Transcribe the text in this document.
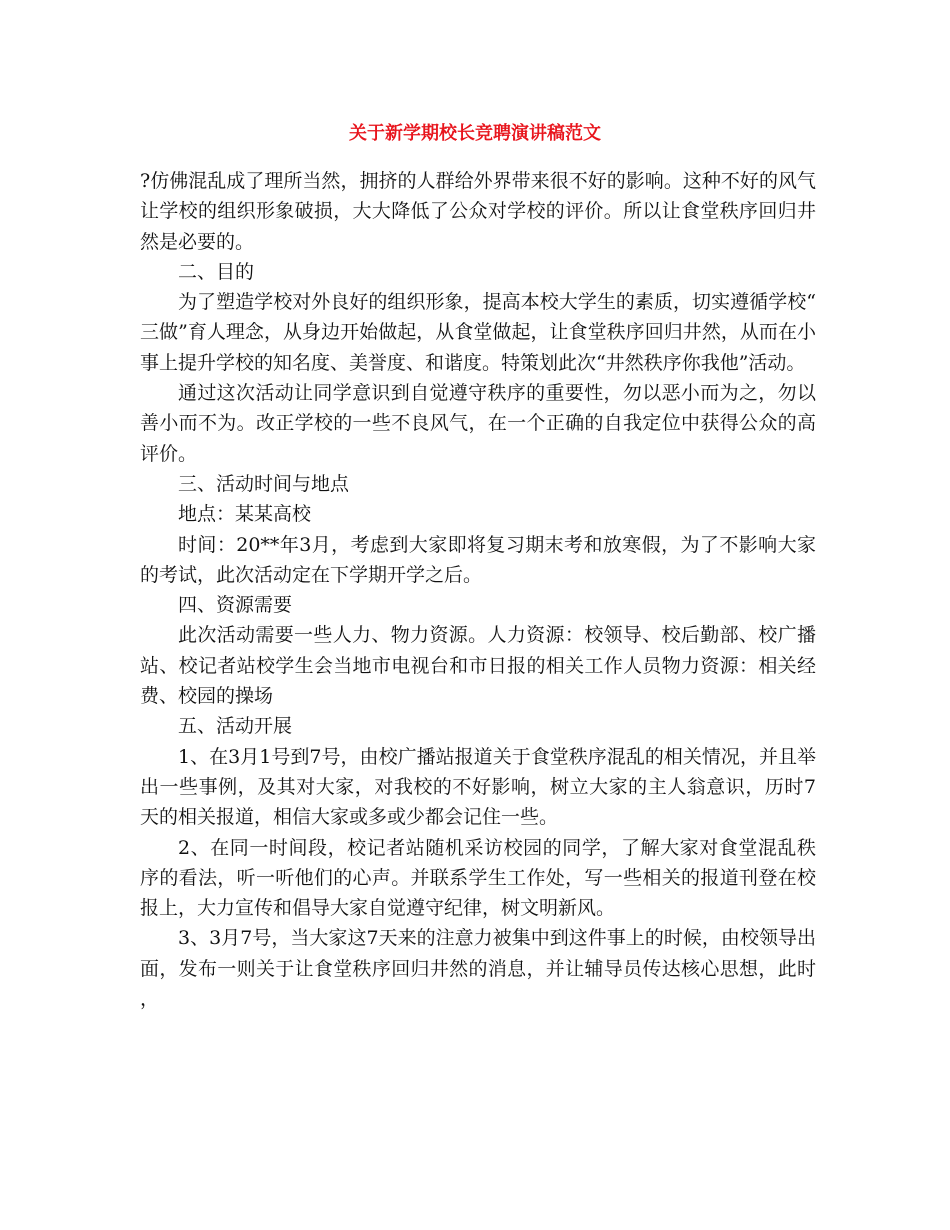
关于新学期校长竞聘演讲稿范文

?仿佛混乱成了理所当然，拥挤的人群给外界带来很不好的影响。这种不好的风气让学校的组织形象破损，大大降低了公众对学校的评价。所以让食堂秩序回归井然是必要的。

二、目的

为了塑造学校对外良好的组织形象，提高本校大学生的素质，切实遵循学校“三做”育人理念，从身边开始做起，从食堂做起，让食堂秩序回归井然，从而在小事上提升学校的知名度、美誉度、和谐度。特策划此次“井然秩序你我他”活动。

通过这次活动让同学意识到自觉遵守秩序的重要性，勿以恶小而为之，勿以善小而不为。改正学校的一些不良风气，在一个正确的自我定位中获得公众的高评价。

三、活动时间与地点

地点：某某高校

时间：20**年3月，考虑到大家即将复习期末考和放寒假，为了不影响大家的考试，此次活动定在下学期开学之后。

四、资源需要

此次活动需要一些人力、物力资源。人力资源：校领导、校后勤部、校广播站、校记者站校学生会当地市电视台和市日报的相关工作人员物力资源：相关经费、校园的操场

五、活动开展

1、在3月1号到7号，由校广播站报道关于食堂秩序混乱的相关情况，并且举出一些事例，及其对大家，对我校的不好影响，树立大家的主人翁意识，历时7天的相关报道，相信大家或多或少都会记住一些。

2、在同一时间段，校记者站随机采访校园的同学，了解大家对食堂混乱秩序的看法，听一听他们的心声。并联系学生工作处，写一些相关的报道刊登在校报上，大力宣传和倡导大家自觉遵守纪律，树文明新风。

3、3月7号，当大家这7天来的注意力被集中到这件事上的时候，由校领导出面，发布一则关于让食堂秩序回归井然的消息，并让辅导员传达核心思想，此时，
